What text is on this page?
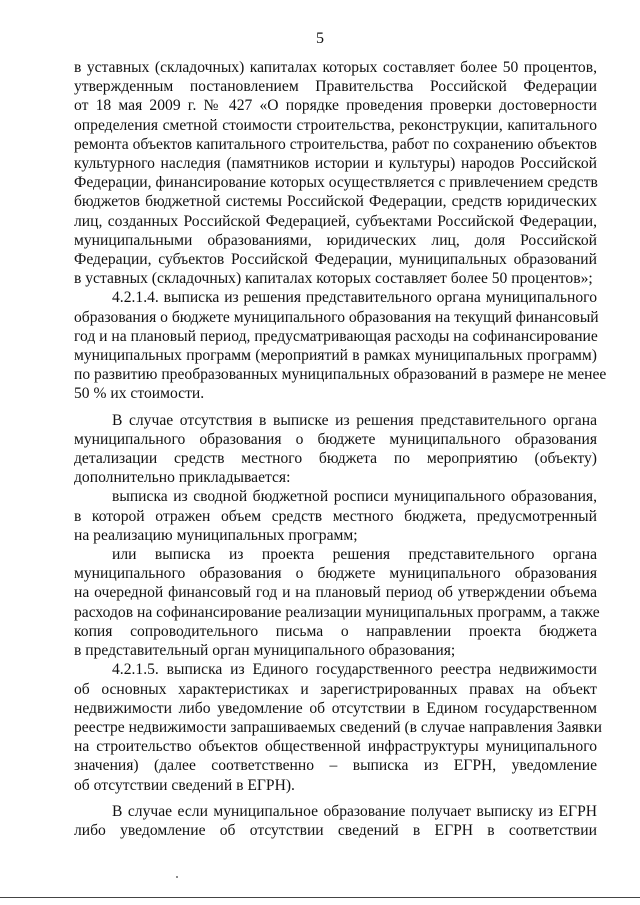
5

в уставных (складочных) капиталах которых составляет более 50 процентов,

утвержденным постановлением Правительства Российской Федерации

от 18 мая 2009 г. № 427 «О порядке проведения проверки достоверности

определения сметной стоимости строительства, реконструкции, капитального

ремонта объектов капитального строительства, работ по сохранению объектов

культурного наследия (памятников истории и культуры) народов Российской

Федерации, финансирование которых осуществляется с привлечением средств

бюджетов бюджетной системы Российской Федерации, средств юридических

лиц, созданных Российской Федерацией, субъектами Российской Федерации,

муниципальными образованиями, юридических лиц, доля Российской

Федерации, субъектов Российской Федерации, муниципальных образований

в уставных (складочных) капиталах которых составляет более 50 процентов»;

4.2.1.4. выписка из решения представительного органа муниципального

образования о бюджете муниципального образования на текущий финансовый

год и на плановый период, предусматривающая расходы на софинансирование

муниципальных программ (мероприятий в рамках муниципальных программ)

по развитию преобразованных муниципальных образований в размере не менее

50 % их стоимости.

В случае отсутствия в выписке из решения представительного органа

муниципального образования о бюджете муниципального образования

детализации средств местного бюджета по мероприятию (объекту)

дополнительно прикладывается:

выписка из сводной бюджетной росписи муниципального образования,

в которой отражен объем средств местного бюджета, предусмотренный

на реализацию муниципальных программ;

или выписка из проекта решения представительного органа

муниципального образования о бюджете муниципального образования

на очередной финансовый год и на плановый период об утверждении объема

расходов на софинансирование реализации муниципальных программ, а также

копия сопроводительного письма о направлении проекта бюджета

в представительный орган муниципального образования;

4.2.1.5. выписка из Единого государственного реестра недвижимости

об основных характеристиках и зарегистрированных правах на объект

недвижимости либо уведомление об отсутствии в Едином государственном

реестре недвижимости запрашиваемых сведений (в случае направления Заявки

на строительство объектов общественной инфраструктуры муниципального

значения) (далее соответственно – выписка из ЕГРН, уведомление

об отсутствии сведений в ЕГРН).

В случае если муниципальное образование получает выписку из ЕГРН

либо уведомление об отсутствии сведений в ЕГРН в соответствии
